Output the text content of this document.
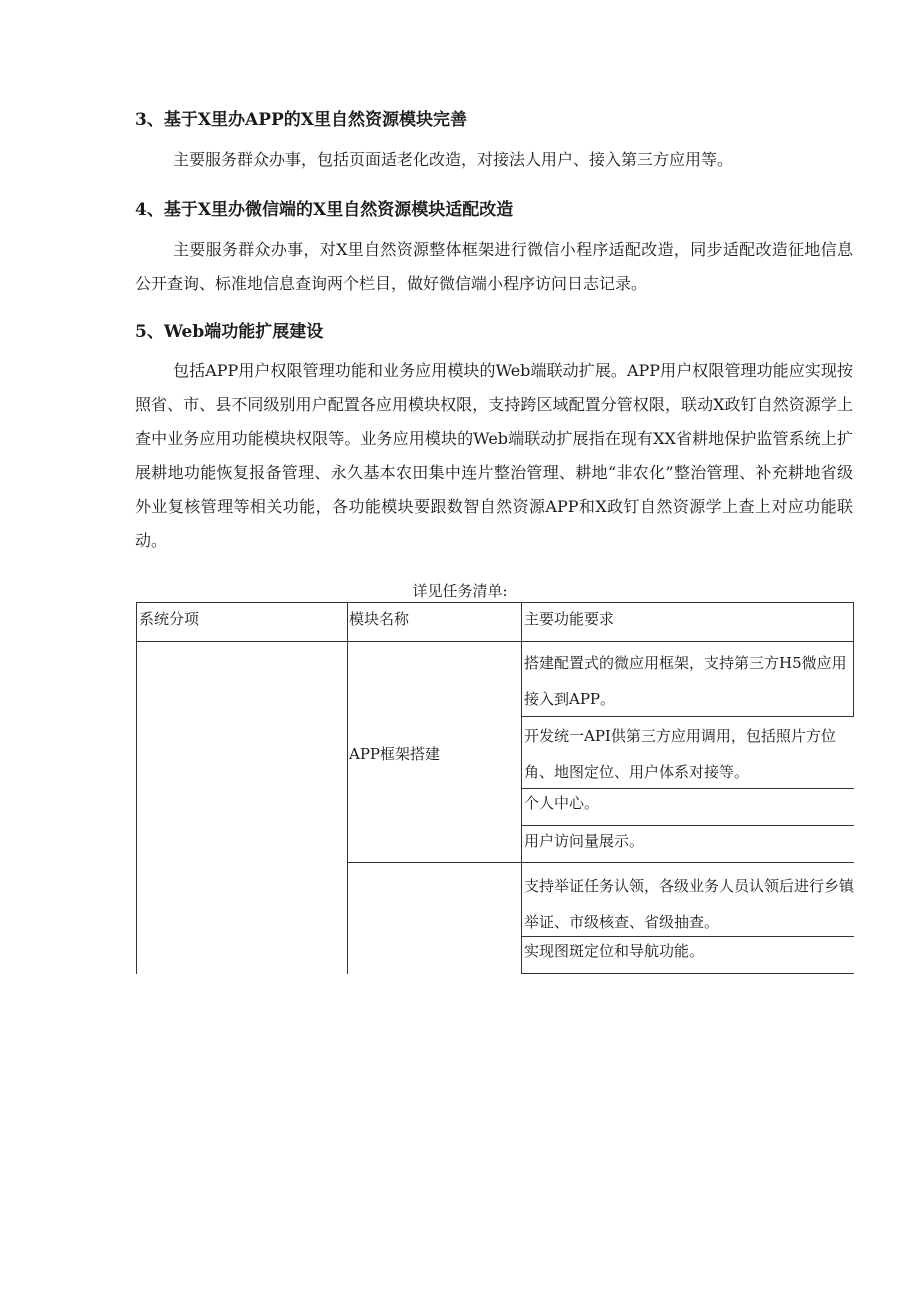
3、基于X里办APP的X里自然资源模块完善
主要服务群众办事，包括页面适老化改造，对接法人用户、接入第三方应用等。
4、基于X里办微信端的X里自然资源模块适配改造
主要服务群众办事，对X里自然资源整体框架进行微信小程序适配改造，同步适配改造征地信息公开查询、标准地信息查询两个栏目，做好微信端小程序访问日志记录。
5、Web端功能扩展建设
包括APP用户权限管理功能和业务应用模块的Web端联动扩展。APP用户权限管理功能应实现按照省、市、县不同级别用户配置各应用模块权限，支持跨区域配置分管权限，联动X政钉自然资源学上查中业务应用功能模块权限等。业务应用模块的Web端联动扩展指在现有XX省耕地保护监管系统上扩展耕地功能恢复报备管理、永久基本农田集中连片整治管理、耕地“非农化”整治管理、补充耕地省级外业复核管理等相关功能，各功能模块要跟数智自然资源APP和X政钉自然资源学上查上对应功能联动。
详见任务清单:
系统分项	模块名称	主要功能要求
APP框架搭建
搭建配置式的微应用框架，支持第三方H5微应用接入到APP。
开发统一API供第三方应用调用，包括照片方位角、地图定位、用户体系对接等。
个人中心。
用户访问量展示。
支持举证任务认领，各级业务人员认领后进行乡镇举证、市级核查、省级抽查。
实现图斑定位和导航功能。
